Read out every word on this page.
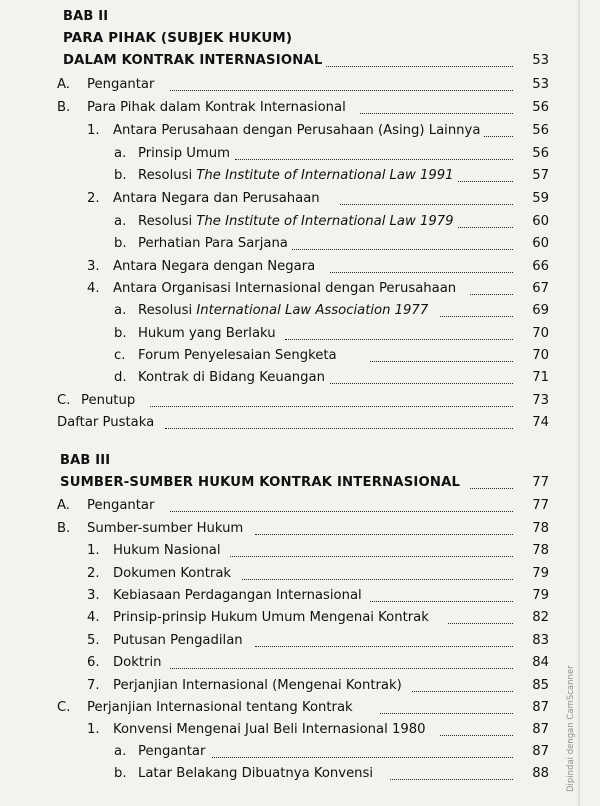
BAB II
PARA PIHAK (SUBJEK HUKUM)
DALAM KONTRAK INTERNASIONAL	53
A. Pengantar	53
B. Para Pihak dalam Kontrak Internasional	56
1. Antara Perusahaan dengan Perusahaan (Asing) Lainnya	56
a. Prinsip Umum	56
b. Resolusi The Institute of International Law 1991	57
2. Antara Negara dan Perusahaan	59
a. Resolusi The Institute of International Law 1979	60
b. Perhatian Para Sarjana	60
3. Antara Negara dengan Negara	66
4. Antara Organisasi Internasional dengan Perusahaan	67
a. Resolusi International Law Association 1977	69
b. Hukum yang Berlaku	70
c. Forum Penyelesaian Sengketa	70
d. Kontrak di Bidang Keuangan	71
C. Penutup	73
Daftar Pustaka	74
BAB III
SUMBER-SUMBER HUKUM KONTRAK INTERNASIONAL	77
A. Pengantar	77
B. Sumber-sumber Hukum	78
1. Hukum Nasional	78
2. Dokumen Kontrak	79
3. Kebiasaan Perdagangan Internasional	79
4. Prinsip-prinsip Hukum Umum Mengenai Kontrak	82
5. Putusan Pengadilan	83
6. Doktrin	84
7. Perjanjian Internasional (Mengenai Kontrak)	85
C. Perjanjian Internasional tentang Kontrak	87
1. Konvensi Mengenai Jual Beli Internasional 1980	87
a. Pengantar	87
b. Latar Belakang Dibuatnya Konvensi	88 Dipindai dengan CamScanner
